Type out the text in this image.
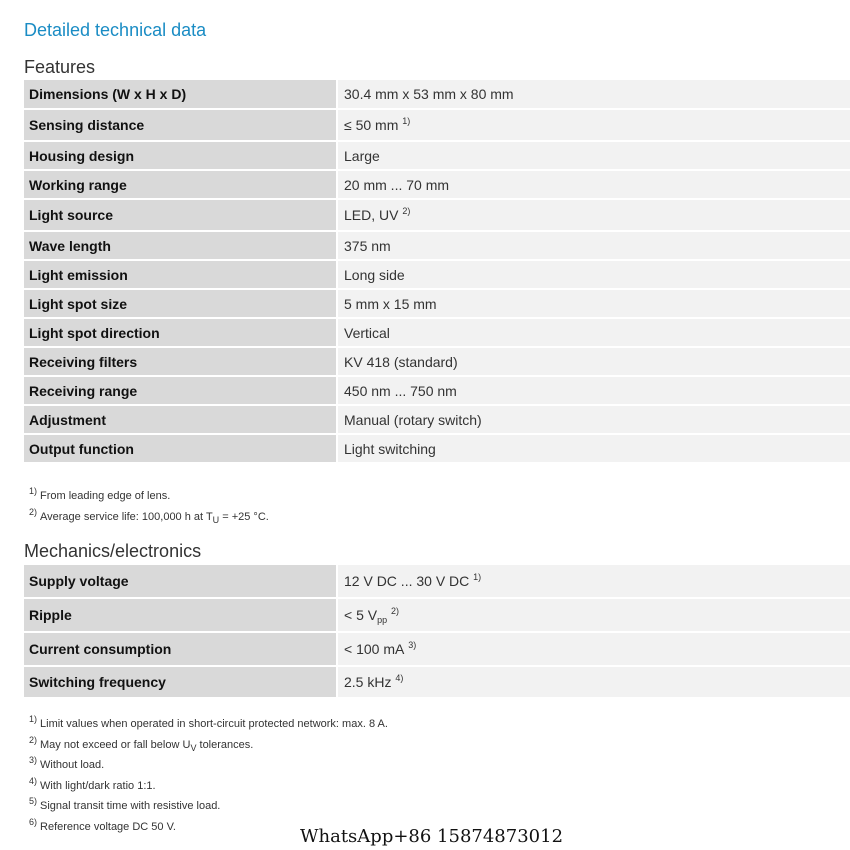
Detailed technical data
Features
Dimensions (W x H x D)	30.4 mm x 53 mm x 80 mm
Sensing distance	≤ 50 mm $^{1)}$
Housing design	Large
Working range	20 mm ... 70 mm
Light source	LED, UV $^{2)}$
Wave length	375 nm
Light emission	Long side
Light spot size	5 mm x 15 mm
Light spot direction	Vertical
Receiving filters	KV 418 (standard)
Receiving range	450 nm ... 750 nm
Adjustment	Manual (rotary switch)
Output function	Light switching
$^{1)}$ From leading edge of lens.
$^{2)}$ Average service life: 100,000 h at $T_U = +25$ °C.
Mechanics/electronics
Supply voltage	12 V DC ... 30 V DC $^{1)}$
Ripple	< 5 $V_{pp}$ $^{2)}$
Current consumption	< 100 mA $^{3)}$
Switching frequency	2.5 kHz $^{4)}$
$^{1)}$ Limit values when operated in short-circuit protected network: max. 8 A.
$^{2)}$ May not exceed or fall below $U_V$ tolerances.
$^{3)}$ Without load.
$^{4)}$ With light/dark ratio 1:1.
$^{5)}$ Signal transit time with resistive load.
$^{6)}$ Reference voltage DC 50 V.	WhatsApp+86 15874873012
